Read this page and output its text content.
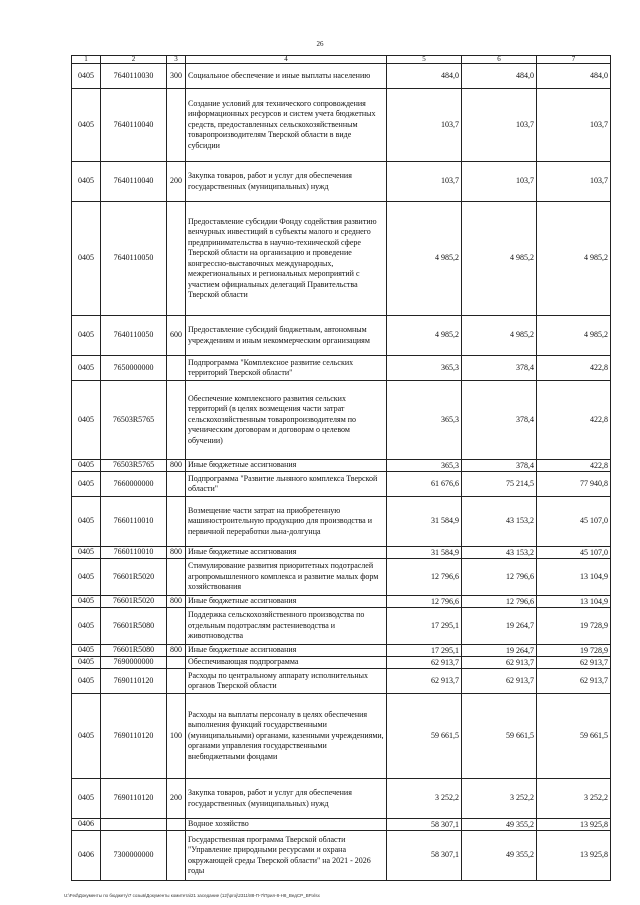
26
1	2	3	4	5	6	7
0405	7640110030	300	Социальное обеспечение и иные выплаты населению	484,0	484,0	484,0
0405	7640110040		Создание условий для технического сопровождения информационных ресурсов и систем учета бюджетных средств, предоставленных сельскохозяйственным товаропроизводителям Тверской области в виде субсидии	103,7	103,7	103,7
0405	7640110040	200	Закупка товаров, работ и услуг для обеспечения государственных (муниципальных) нужд	103,7	103,7	103,7
0405	7640110050		Предоставление субсидии Фонду содействия развитию венчурных инвестиций в субъекты малого и среднего предпринимательства в научно-технической сфере Тверской области на организацию и проведение конгрессно-выставочных международных, межрегиональных и региональных мероприятий с участием официальных делегаций Правительства Тверской области	4 985,2	4 985,2	4 985,2
0405	7640110050	600	Предоставление субсидий бюджетным, автономным учреждениям и иным некоммерческим организациям	4 985,2	4 985,2	4 985,2
0405	7650000000		Подпрограмма "Комплексное развитие сельских территорий Тверской области"	365,3	378,4	422,8
0405	76503R5765		Обеспечение комплексного развития сельских территорий (в целях возмещения части затрат сельскохозяйственным товаропроизводителям по ученическим договорам и договорам о целевом обучении)	365,3	378,4	422,8
0405	76503R5765	800	Иные бюджетные ассигнования	365,3	378,4	422,8
0405	7660000000		Подпрограмма "Развитие льняного комплекса Тверской области"	61 676,6	75 214,5	77 940,8
0405	7660110010		Возмещение части затрат на приобретенную машиностроительную продукцию для производства и первичной переработки льна-долгунца	31 584,9	43 153,2	45 107,0
0405	7660110010	800	Иные бюджетные ассигнования	31 584,9	43 153,2	45 107,0
0405	76601R5020		Стимулирование развития приоритетных подотраслей агропромышленного комплекса и развитие малых форм хозяйствования	12 796,6	12 796,6	13 104,9
0405	76601R5020	800	Иные бюджетные ассигнования	12 796,6	12 796,6	13 104,9
0405	76601R5080		Поддержка сельскохозяйственного производства по отдельным подотраслям растениеводства и животноводства	17 295,1	19 264,7	19 728,9
0405	76601R5080	800	Иные бюджетные ассигнования	17 295,1	19 264,7	19 728,9
0405	7690000000		Обеспечивающая подпрограмма	62 913,7	62 913,7	62 913,7
0405	7690110120		Расходы по центральному аппарату исполнительных органов Тверской области	62 913,7	62 913,7	62 913,7
0405	7690110120	100	Расходы на выплаты персоналу в целях обеспечения выполнения функций государственными (муниципальными) органами, казенными учреждениями, органами управления государственными внебюджетными фондами	59 661,5	59 661,5	59 661,5
0405	7690110120	200	Закупка товаров, работ и услуг для обеспечения государственных (муниципальных) нужд	3 252,2	3 252,2	3 252,2
0406			Водное хозяйство	58 307,1	49 355,2	13 925,8
0406	7300000000		Государственная программа Тверской области "Управление природными ресурсами и охрана окружающей среды Тверской области" на 2021 - 2026 годы	58 307,1	49 355,2	13 925,8
U:\Fed\Документы по бюджету\7 созыв\Документы комитета\21 заседание (12)\proj\2311\88-П-7\Прил-8-H8_ВедСР_ВР.xlsx
